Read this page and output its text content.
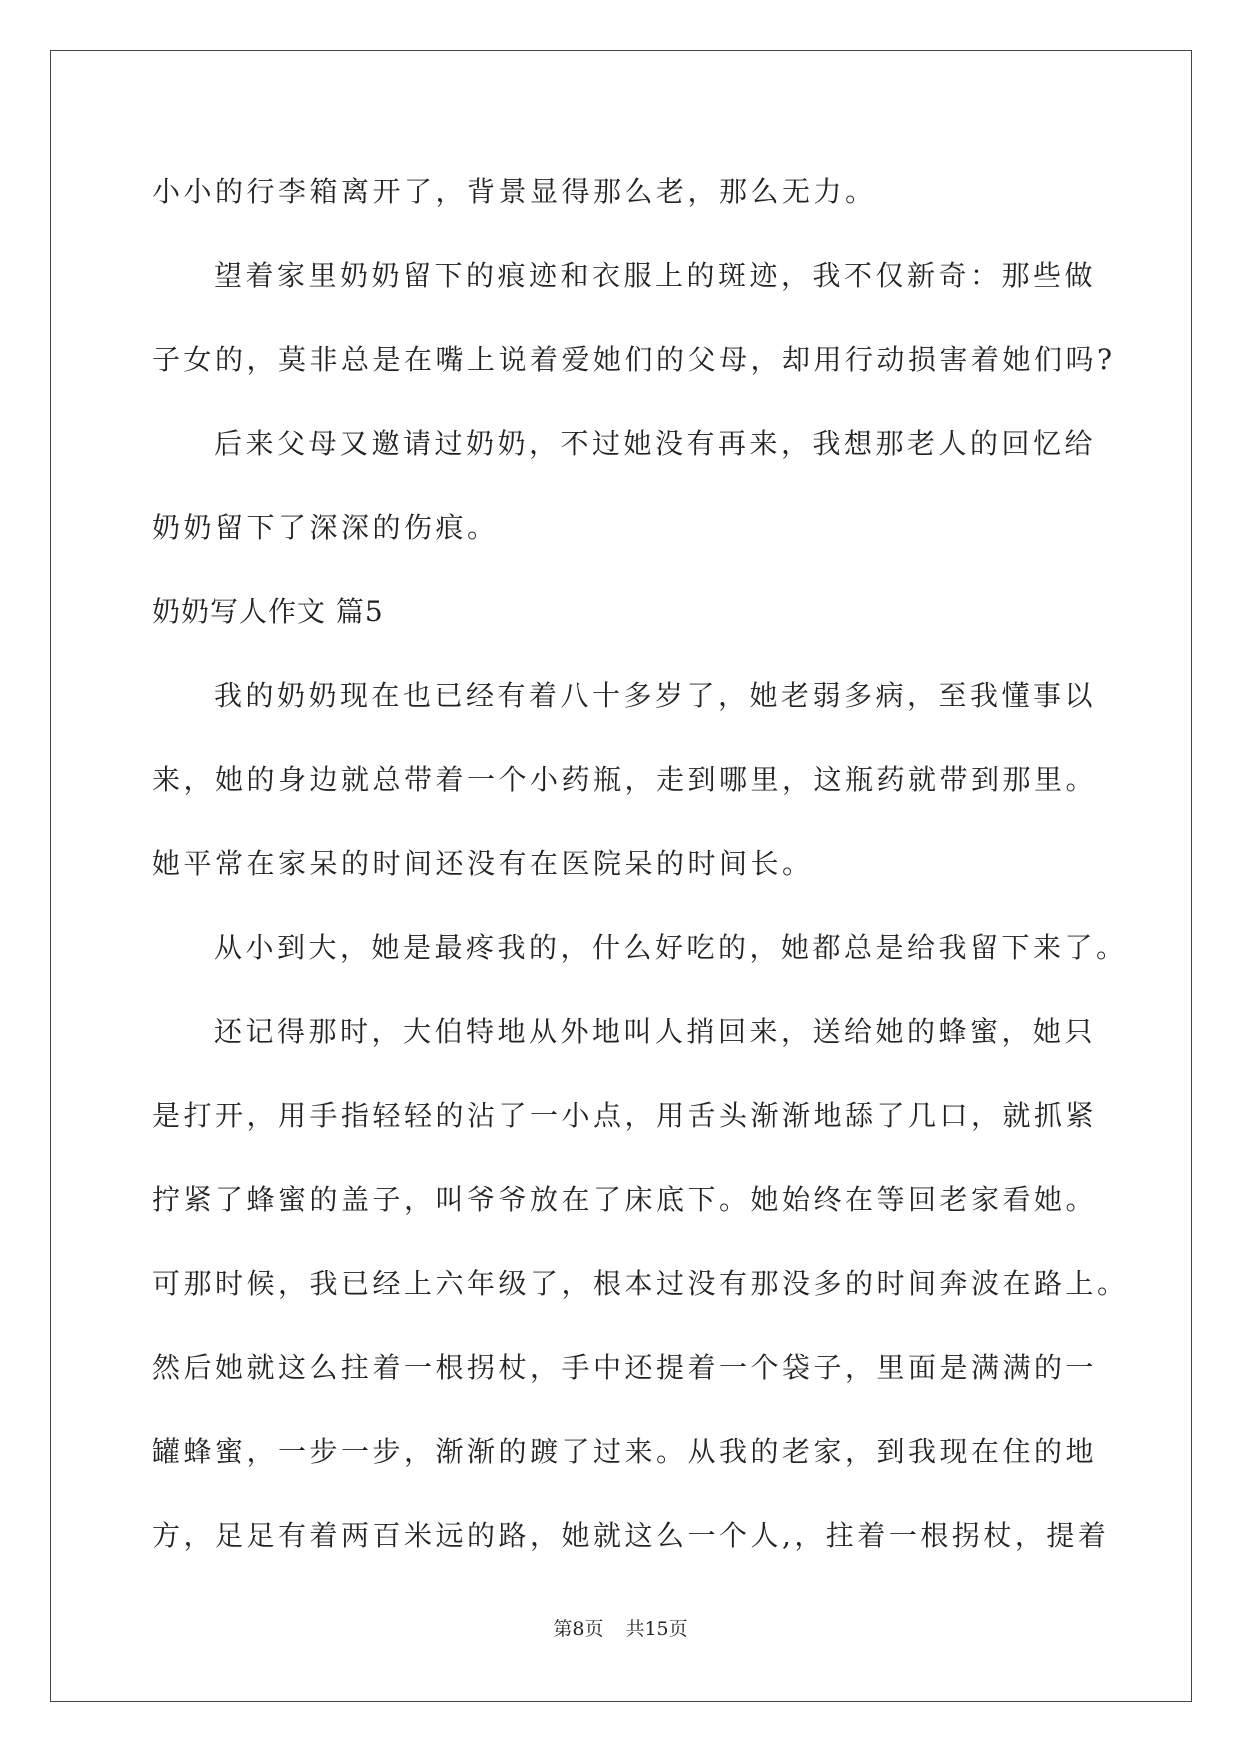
小小的行李箱离开了，背景显得那么老，那么无力。
望着家里奶奶留下的痕迹和衣服上的斑迹，我不仅新奇：那些做
子女的，莫非总是在嘴上说着爱她们的父母，却用行动损害着她们吗?
后来父母又邀请过奶奶，不过她没有再来，我想那老人的回忆给
奶奶留下了深深的伤痕。
奶奶写人作文 篇5
我的奶奶现在也已经有着八十多岁了，她老弱多病，至我懂事以
来，她的身边就总带着一个小药瓶，走到哪里，这瓶药就带到那里。
她平常在家呆的时间还没有在医院呆的时间长。
从小到大，她是最疼我的，什么好吃的，她都总是给我留下来了。
还记得那时，大伯特地从外地叫人捎回来，送给她的蜂蜜，她只
是打开，用手指轻轻的沾了一小点，用舌头渐渐地舔了几口，就抓紧
拧紧了蜂蜜的盖子，叫爷爷放在了床底下。她始终在等回老家看她。
可那时候，我已经上六年级了，根本过没有那没多的时间奔波在路上。
然后她就这么拄着一根拐杖，手中还提着一个袋子，里面是满满的一
罐蜂蜜，一步一步，渐渐的踱了过来。从我的老家，到我现在住的地
方，足足有着两百米远的路，她就这么一个人,，拄着一根拐杖，提着
第8页 共15页
